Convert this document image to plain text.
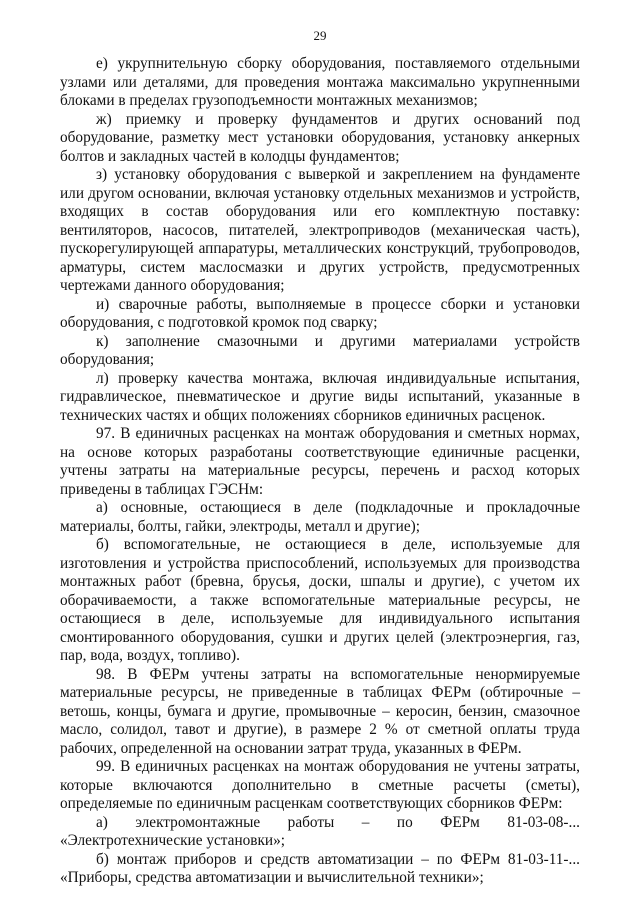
29

е) укрупнительную сборку оборудования, поставляемого отдельными узлами или деталями, для проведения монтажа максимально укрупненными блоками в пределах грузоподъемности монтажных механизмов;

ж) приемку и проверку фундаментов и других оснований под оборудование, разметку мест установки оборудования, установку анкерных болтов и закладных частей в колодцы фундаментов;

з) установку оборудования с выверкой и закреплением на фундаменте или другом основании, включая установку отдельных механизмов и устройств, входящих в состав оборудования или его комплектную поставку: вентиляторов, насосов, питателей, электроприводов (механическая часть), пускорегулирующей аппаратуры, металлических конструкций, трубопроводов, арматуры, систем маслосмазки и других устройств, предусмотренных чертежами данного оборудования;

и) сварочные работы, выполняемые в процессе сборки и установки оборудования, с подготовкой кромок под сварку;

к) заполнение смазочными и другими материалами устройств оборудования;

л) проверку качества монтажа, включая индивидуальные испытания, гидравлическое, пневматическое и другие виды испытаний, указанные в технических частях и общих положениях сборников единичных расценок.

97. В единичных расценках на монтаж оборудования и сметных нормах, на основе которых разработаны соответствующие единичные расценки, учтены затраты на материальные ресурсы, перечень и расход которых приведены в таблицах ГЭСНм:

а) основные, остающиеся в деле (подкладочные и прокладочные материалы, болты, гайки, электроды, металл и другие);

б) вспомогательные, не остающиеся в деле, используемые для изготовления и устройства приспособлений, используемых для производства монтажных работ (бревна, брусья, доски, шпалы и другие), с учетом их оборачиваемости, а также вспомогательные материальные ресурсы, не остающиеся в деле, используемые для индивидуального испытания смонтированного оборудования, сушки и других целей (электроэнергия, газ, пар, вода, воздух, топливо).

98. В ФЕРм учтены затраты на вспомогательные ненормируемые материальные ресурсы, не приведенные в таблицах ФЕРм (обтирочные – ветошь, концы, бумага и другие, промывочные – керосин, бензин, смазочное масло, солидол, тавот и другие), в размере 2 % от сметной оплаты труда рабочих, определенной на основании затрат труда, указанных в ФЕРм.

99. В единичных расценках на монтаж оборудования не учтены затраты, которые включаются дополнительно в сметные расчеты (сметы), определяемые по единичным расценкам соответствующих сборников ФЕРм:

а) электромонтажные работы – по ФЕРм 81-03-08-... «Электротехнические установки»;

б) монтаж приборов и средств автоматизации – по ФЕРм 81-03-11-... «Приборы, средства автоматизации и вычислительной техники»;
